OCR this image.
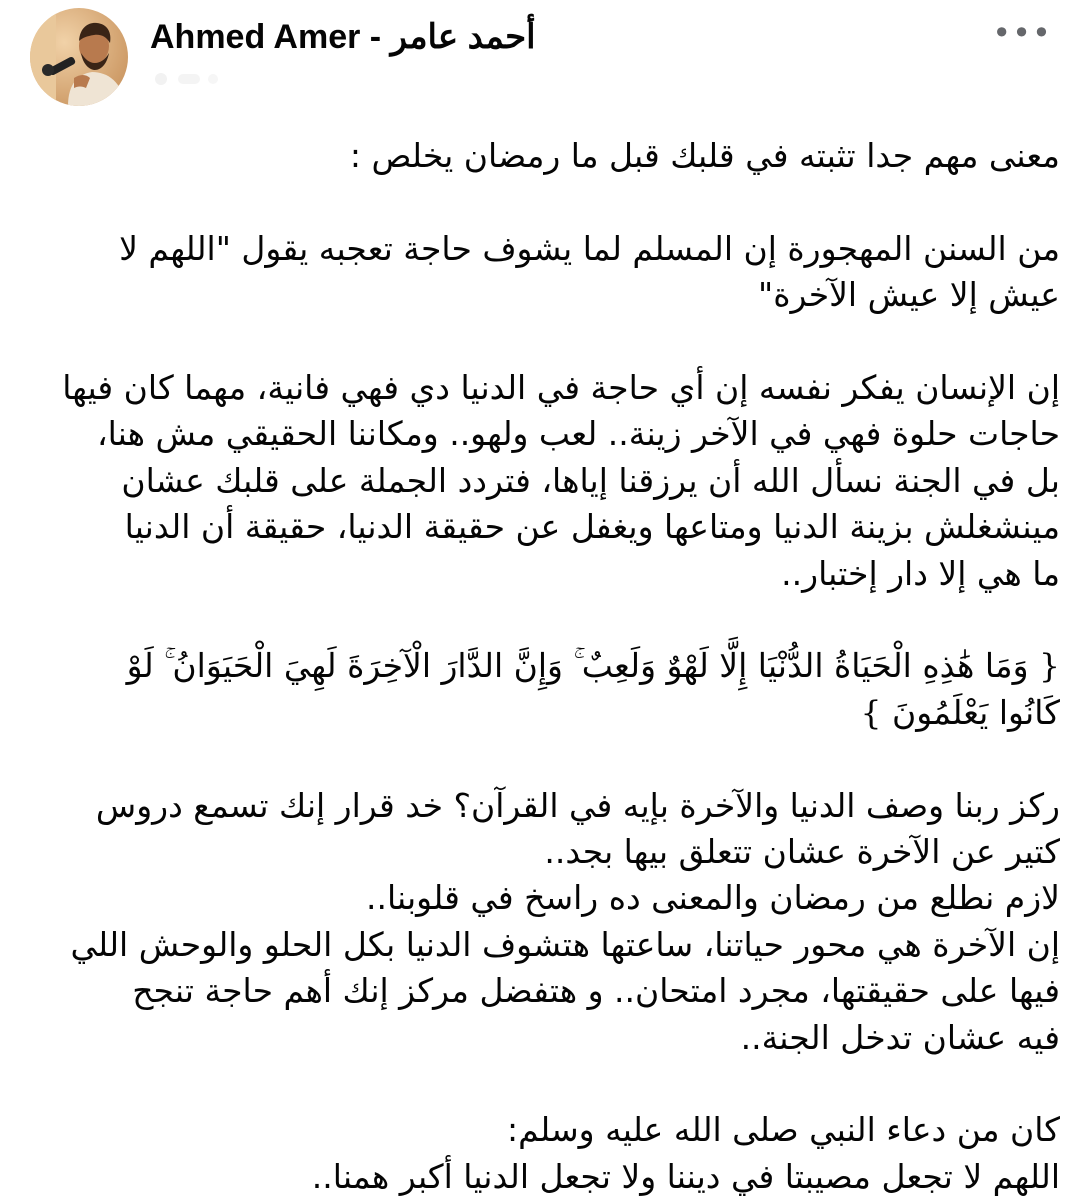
Ahmed Amer - أحمد عامر	•••

معنى مهم جدا تثبته في قلبك قبل ما رمضان يخلص :

من السنن المهجورة إن المسلم لما يشوف حاجة تعجبه يقول "اللهم لا

عيش إلا عيش الآخرة"

إن الإنسان يفكر نفسه إن أي حاجة في الدنيا دي فهي فانية، مهما كان فيها

حاجات حلوة فهي في الآخر زينة.. لعب ولهو.. ومكاننا الحقيقي مش هنا،

بل في الجنة نسأل الله أن يرزقنا إياها، فتردد الجملة على قلبك عشان

مينشغلش بزينة الدنيا ومتاعها ويغفل عن حقيقة الدنيا، حقيقة أن الدنيا

ما هي إلا دار إختبار..

{ وَمَا هَٰذِهِ الْحَيَاةُ الدُّنْيَا إِلَّا لَهْوٌ وَلَعِبٌ ۚ وَإِنَّ الدَّارَ الْآخِرَةَ لَهِيَ الْحَيَوَانُ ۚ لَوْ

كَانُوا يَعْلَمُونَ }

ركز ربنا وصف الدنيا والآخرة بإيه في القرآن؟ خد قرار إنك تسمع دروس

كتير عن الآخرة عشان تتعلق بيها بجد..

لازم نطلع من رمضان والمعنى ده راسخ في قلوبنا..

إن الآخرة هي محور حياتنا، ساعتها هتشوف الدنيا بكل الحلو والوحش اللي

فيها على حقيقتها، مجرد امتحان.. و هتفضل مركز إنك أهم حاجة تنجح

فيه عشان تدخل الجنة..

كان من دعاء النبي صلى الله عليه وسلم:

اللهم لا تجعل مصيبتا في ديننا ولا تجعل الدنيا أكبر همنا..
